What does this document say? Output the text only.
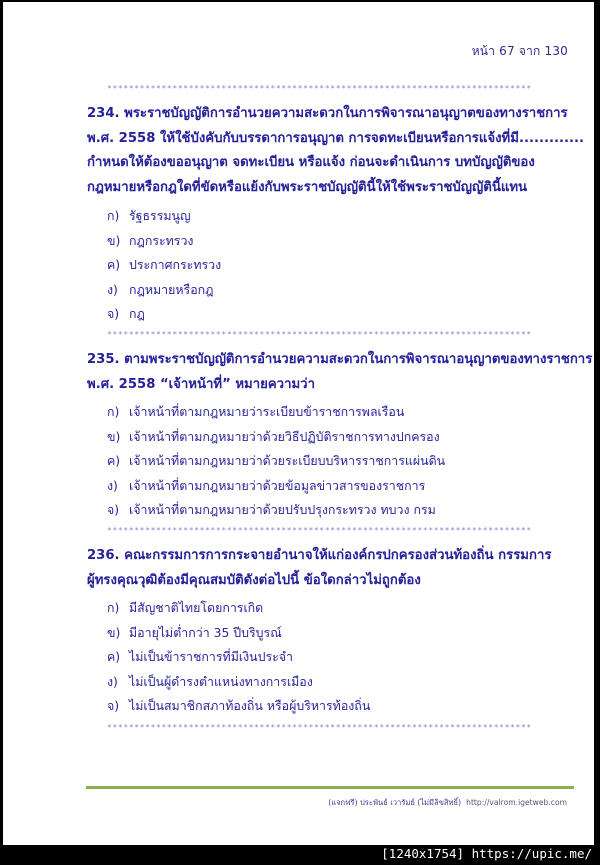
หน้า 67 จาก 130
******************************************************************************
234. พระราชบัญญัติการอำนวยความสะดวกในการพิจารณาอนุญาตของทางราชการ
พ.ศ. 2558 ให้ใช้บังคับกับบรรดาการอนุญาต การจดทะเบียนหรือการแจ้งที่มี.............
กำหนดให้ต้องขออนุญาต จดทะเบียน หรือแจ้ง ก่อนจะดำเนินการ บทบัญญัติของ
กฎหมายหรือกฎใดที่ขัดหรือแย้งกับพระราชบัญญัตินี้ให้ใช้พระราชบัญญัตินี้แทน
ก) รัฐธรรมนูญ
ข) กฎกระทรวง
ค) ประกาศกระทรวง
ง) กฎหมายหรือกฎ
จ) กฎ
******************************************************************************
235. ตามพระราชบัญญัติการอำนวยความสะดวกในการพิจารณาอนุญาตของทางราชการ
พ.ศ. 2558 “เจ้าหน้าที่” หมายความว่า
ก) เจ้าหน้าที่ตามกฎหมายว่าระเบียบข้าราชการพลเรือน
ข) เจ้าหน้าที่ตามกฎหมายว่าด้วยวิธีปฏิบัติราชการทางปกครอง
ค) เจ้าหน้าที่ตามกฎหมายว่าด้วยระเบียบบริหารราชการแผ่นดิน
ง) เจ้าหน้าที่ตามกฎหมายว่าด้วยข้อมูลข่าวสารของราชการ
จ) เจ้าหน้าที่ตามกฎหมายว่าด้วยปรับปรุงกระทรวง ทบวง กรม
******************************************************************************
236. คณะกรรมการการกระจายอำนาจให้แก่องค์กรปกครองส่วนท้องถิ่น กรรมการ
ผู้ทรงคุณวุฒิต้องมีคุณสมบัติดังต่อไปนี้ ข้อใดกล่าวไม่ถูกต้อง
ก) มีสัญชาติไทยโดยการเกิด
ข) มีอายุไม่ต่ำกว่า 35 ปีบริบูรณ์
ค) ไม่เป็นข้าราชการที่มีเงินประจำ
ง) ไม่เป็นผู้ดำรงตำแหน่งทางการเมือง
จ) ไม่เป็นสมาชิกสภาท้องถิ่น หรือผู้บริหารท้องถิ่น
******************************************************************************
(แจกฟรี) ประพันธ์ เวารัมย์ (ไม่มีลิขสิทธิ์) http://valrom.igetweb.com
[1240x1754] https://upic.me/
